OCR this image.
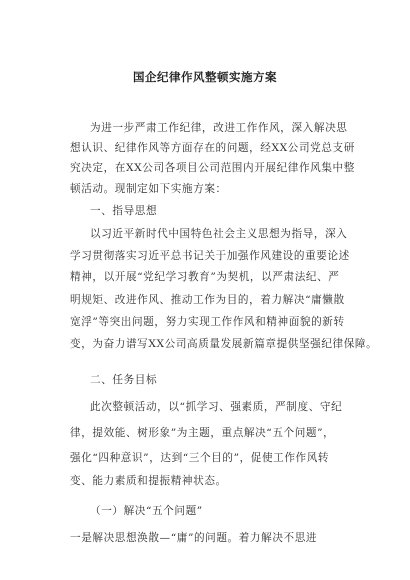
国企纪律作风整顿实施方案
为进一步严肃工作纪律，改进工作作风，深入解决思
想认识、纪律作风等方面存在的问题，经XX公司党总支研
究决定，在XX公司各项目公司范围内开展纪律作风集中整
顿活动。现制定如下实施方案：
一、指导思想
以习近平新时代中国特色社会主义思想为指导，深入
学习贯彻落实习近平总书记关于加强作风建设的重要论述
精神，以开展“党纪学习教育”为契机，以严肃法纪、严
明规矩、改进作风、推动工作为目的，着力解决“庸懒散
宽浮”等突出问题，努力实现工作作风和精神面貌的新转
变，为奋力谱写XX公司高质量发展新篇章提供坚强纪律保障。
二、任务目标
此次整顿活动，以“抓学习、强素质，严制度、守纪
律，提效能、树形象”为主题，重点解决“五个问题”，
强化“四种意识”，达到“三个目的”，促使工作作风转
变、能力素质和提振精神状态。
（一）解决“五个问题”
一是解决思想涣散—“庸”的问题。着力解决不思进
